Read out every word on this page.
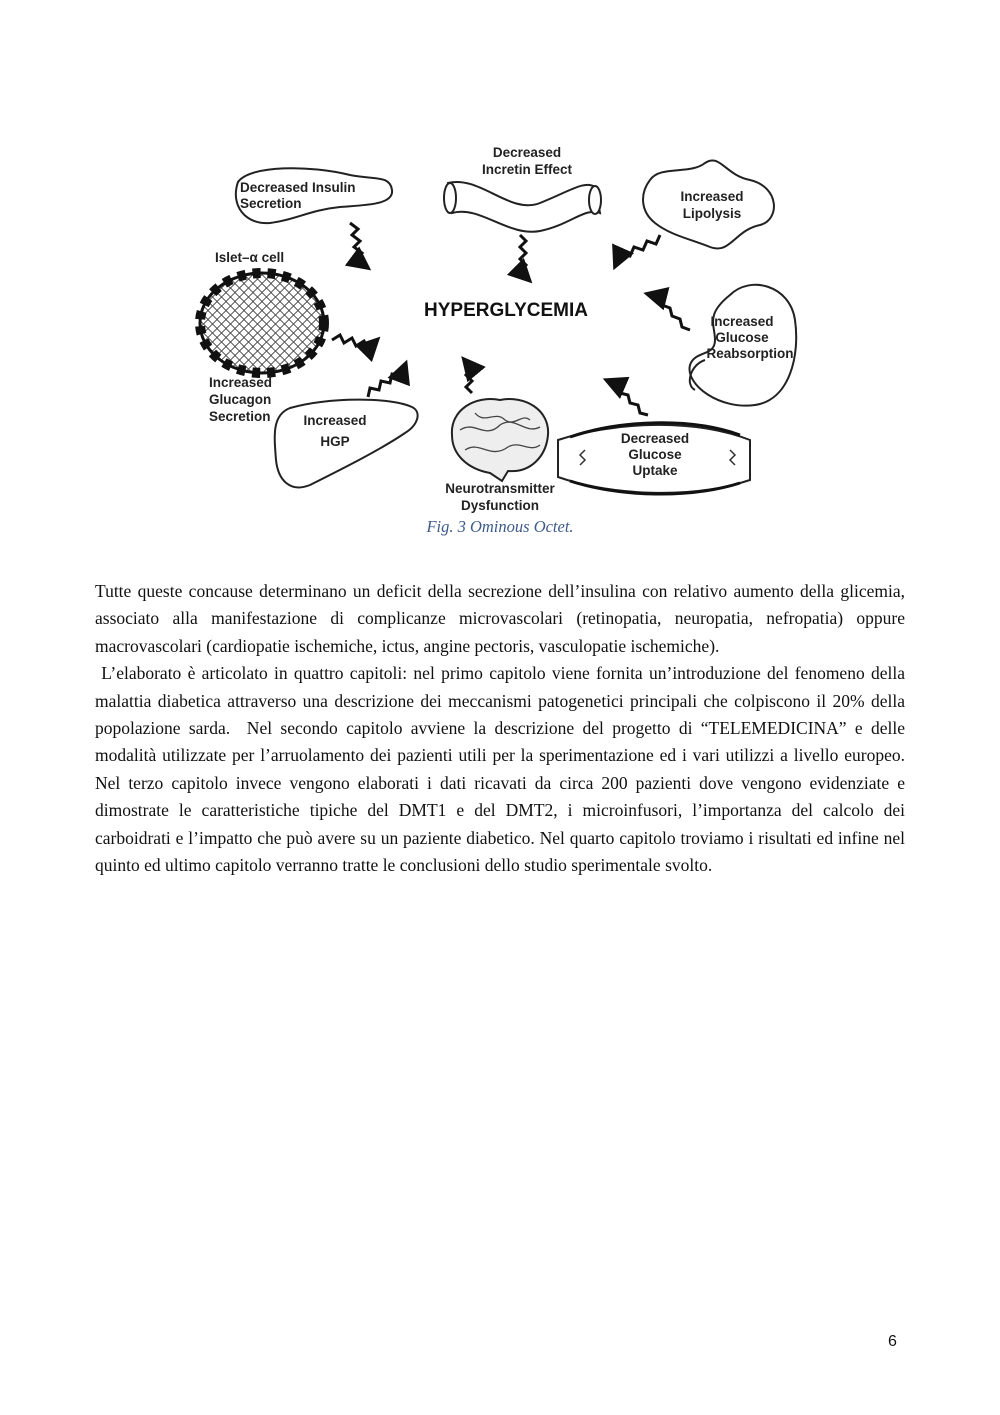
Decreased Insulin
Secretion
Decreased
Incretin Effect
Increased
Lipolysis
Islet–α cell
Increased
Glucagon
Secretion
Increased
Glucose
Reabsorption
HYPERGLYCEMIA
Increased
HGP
Neurotransmitter
Dysfunction
Decreased
Glucose
Uptake
Fig. 3 Ominous Octet.

Tutte queste concause determinano un deficit della secrezione dell’insulina con relativo aumento della glicemia, associato alla manifestazione di complicanze microvascolari (retinopatia, neuropatia, nefropatia) oppure macrovascolari (cardiopatie ischemiche, ictus, angine pectoris, vasculopatie ischemiche).

L’elaborato è articolato in quattro capitoli: nel primo capitolo viene fornita un’introduzione del fenomeno della malattia diabetica attraverso una descrizione dei meccanismi patogenetici principali che colpiscono il 20% della popolazione sarda.  Nel secondo capitolo avviene la descrizione del progetto di “TELEMEDICINA” e delle modalità utilizzate per l’arruolamento dei pazienti utili per la sperimentazione ed i vari utilizzi a livello europeo. Nel terzo capitolo invece vengono elaborati i dati ricavati da circa 200 pazienti dove vengono evidenziate e dimostrate le caratteristiche tipiche del DMT1 e del DMT2, i microinfusori, l’importanza del calcolo dei carboidrati e l’impatto che può avere su un paziente diabetico. Nel quarto capitolo troviamo i risultati ed infine nel quinto ed ultimo capitolo verranno tratte le conclusioni dello studio sperimentale svolto.

6
